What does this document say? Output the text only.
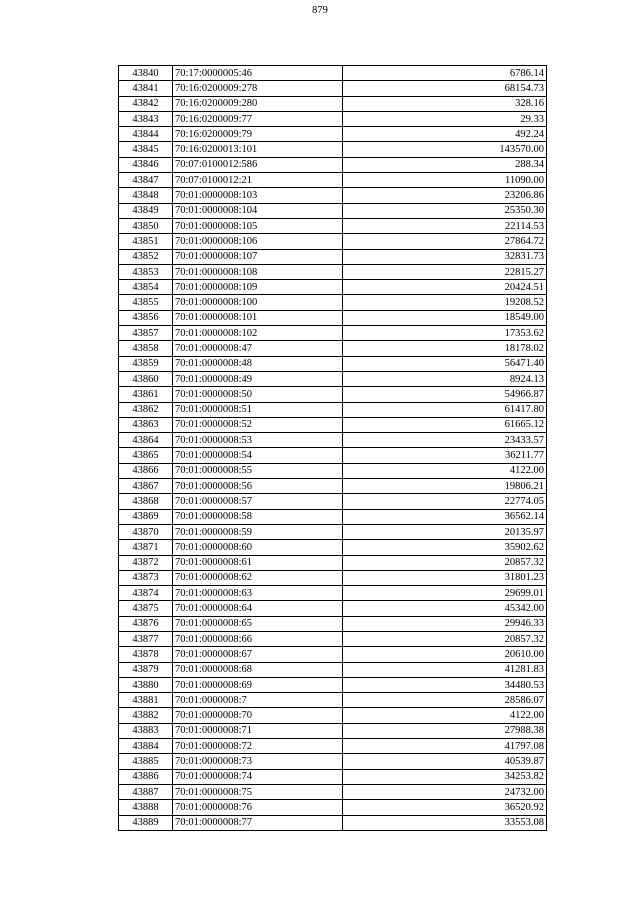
879
43840	70:17:0000005:46	6786.14
43841	70:16:0200009:278	68154.73
43842	70:16:0200009:280	328.16
43843	70:16:0200009:77	29.33
43844	70:16:0200009:79	492.24
43845	70:16:0200013:101	143570.00
43846	70:07:0100012:586	288.34
43847	70:07:0100012:21	11090.00
43848	70:01:0000008:103	23206.86
43849	70:01:0000008:104	25350.30
43850	70:01:0000008:105	22114.53
43851	70:01:0000008:106	27864.72
43852	70:01:0000008:107	32831.73
43853	70:01:0000008:108	22815.27
43854	70:01:0000008:109	20424.51
43855	70:01:0000008:100	19208.52
43856	70:01:0000008:101	18549.00
43857	70:01:0000008:102	17353.62
43858	70:01:0000008:47	18178.02
43859	70:01:0000008:48	56471.40
43860	70:01:0000008:49	8924.13
43861	70:01:0000008:50	54966.87
43862	70:01:0000008:51	61417.80
43863	70:01:0000008:52	61665.12
43864	70:01:0000008:53	23433.57
43865	70:01:0000008:54	36211.77
43866	70:01:0000008:55	4122.00
43867	70:01:0000008:56	19806.21
43868	70:01:0000008:57	22774.05
43869	70:01:0000008:58	36562.14
43870	70:01:0000008:59	20135.97
43871	70:01:0000008:60	35902.62
43872	70:01:0000008:61	20857.32
43873	70:01:0000008:62	31801.23
43874	70:01:0000008:63	29699.01
43875	70:01:0000008:64	45342.00
43876	70:01:0000008:65	29946.33
43877	70:01:0000008:66	20857.32
43878	70:01:0000008:67	20610.00
43879	70:01:0000008:68	41281.83
43880	70:01:0000008:69	34480.53
43881	70:01:0000008:7	28586.07
43882	70:01:0000008:70	4122.00
43883	70:01:0000008:71	27988.38
43884	70:01:0000008:72	41797.08
43885	70:01:0000008:73	40539.87
43886	70:01:0000008:74	34253.82
43887	70:01:0000008:75	24732.00
43888	70:01:0000008:76	36520.92
43889	70:01:0000008:77	33553.08
